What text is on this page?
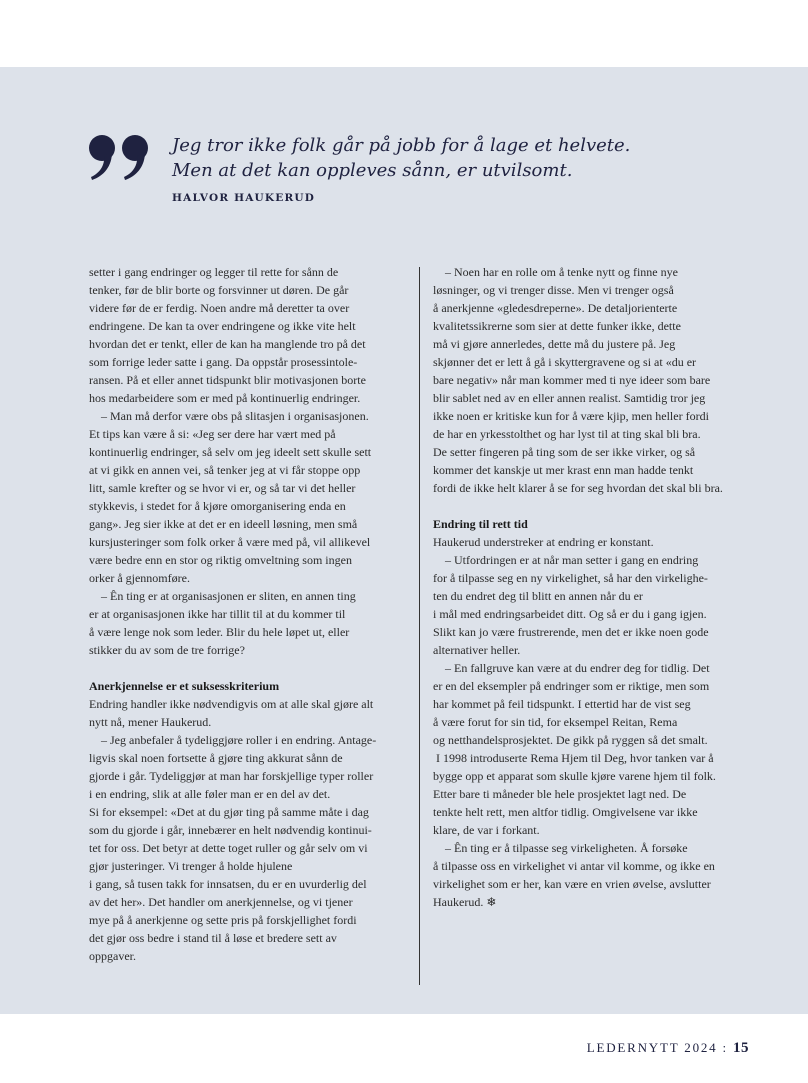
Jeg tror ikke folk går på jobb for å lage et helvete.
Men at det kan oppleves sånn, er utvilsomt.
HALVOR HAUKERUD
setter i gang endringer og legger til rette for sånn de
tenker, før de blir borte og forsvinner ut døren. De går
videre før de er ferdig. Noen andre må deretter ta over
endringene. De kan ta over endringene og ikke vite helt
hvordan det er tenkt, eller de kan ha manglende tro på det
som forrige leder satte i gang. Da oppstår prosessintole-
ransen. På et eller annet tidspunkt blir motivasjonen borte
hos medarbeidere som er med på kontinuerlig endringer.
– Man må derfor være obs på slitasjen i organisasjonen.
Et tips kan være å si: «Jeg ser dere har vært med på
kontinuerlig endringer, så selv om jeg ideelt sett skulle sett
at vi gikk en annen vei, så tenker jeg at vi får stoppe opp
litt, samle krefter og se hvor vi er, og så tar vi det heller
stykkevis, i stedet for å kjøre omorganisering enda en
gang». Jeg sier ikke at det er en ideell løsning, men små
kursjusteringer som folk orker å være med på, vil allikevel
være bedre enn en stor og riktig omveltning som ingen
orker å gjennomføre.
– Ȇn ting er at organisasjonen er sliten, en annen ting
er at organisasjonen ikke har tillit til at du kommer til
å være lenge nok som leder. Blir du hele løpet ut, eller
stikker du av som de tre forrige?
Anerkjennelse er et suksesskriterium
Endring handler ikke nødvendigvis om at alle skal gjøre alt
nytt nå, mener Haukerud.
– Jeg anbefaler å tydeliggjøre roller i en endring. Antage-
ligvis skal noen fortsette å gjøre ting akkurat sånn de
gjorde i går. Tydeliggjør at man har forskjellige typer roller
i en endring, slik at alle føler man er en del av det.
Si for eksempel: «Det at du gjør ting på samme måte i dag
som du gjorde i går, innebærer en helt nødvendig kontinui-
tet for oss. Det betyr at dette toget ruller og går selv om vi
gjør justeringer. Vi trenger å holde hjulene
i gang, så tusen takk for innsatsen, du er en uvurderlig del
av det her». Det handler om anerkjennelse, og vi tjener
mye på å anerkjenne og sette pris på forskjellighet fordi
det gjør oss bedre i stand til å løse et bredere sett av
oppgaver.
– Noen har en rolle om å tenke nytt og finne nye
løsninger, og vi trenger disse. Men vi trenger også
å anerkjenne «gledesdreperne». De detaljorienterte
kvalitetssikrerne som sier at dette funker ikke, dette
må vi gjøre annerledes, dette må du justere på. Jeg
skjønner det er lett å gå i skyttergravene og si at «du er
bare negativ» når man kommer med ti nye ideer som bare
blir sablet ned av en eller annen realist. Samtidig tror jeg
ikke noen er kritiske kun for å være kjip, men heller fordi
de har en yrkesstolthet og har lyst til at ting skal bli bra.
De setter fingeren på ting som de ser ikke virker, og så
kommer det kanskje ut mer krast enn man hadde tenkt
fordi de ikke helt klarer å se for seg hvordan det skal bli bra.
Endring til rett tid
Haukerud understreker at endring er konstant.
– Utfordringen er at når man setter i gang en endring
for å tilpasse seg en ny virkelighet, så har den virkelighe-
ten du endret deg til blitt en annen når du er
i mål med endringsarbeidet ditt. Og så er du i gang igjen.
Slikt kan jo være frustrerende, men det er ikke noen gode
alternativer heller.
– En fallgruve kan være at du endrer deg for tidlig. Det
er en del eksempler på endringer som er riktige, men som
har kommet på feil tidspunkt. I ettertid har de vist seg
å være forut for sin tid, for eksempel Reitan, Rema
og netthandelsprosjektet. De gikk på ryggen så det smalt.
I 1998 introduserte Rema Hjem til Deg, hvor tanken var å
bygge opp et apparat som skulle kjøre varene hjem til folk.
Etter bare ti måneder ble hele prosjektet lagt ned. De
tenkte helt rett, men altfor tidlig. Omgivelsene var ikke
klare, de var i forkant.
– Ȇn ting er å tilpasse seg virkeligheten. Å forsøke
å tilpasse oss en virkelighet vi antar vil komme, og ikke en
virkelighet som er her, kan være en vrien øvelse, avslutter
Haukerud. ❄
LEDERNYTT 2024 : 15
